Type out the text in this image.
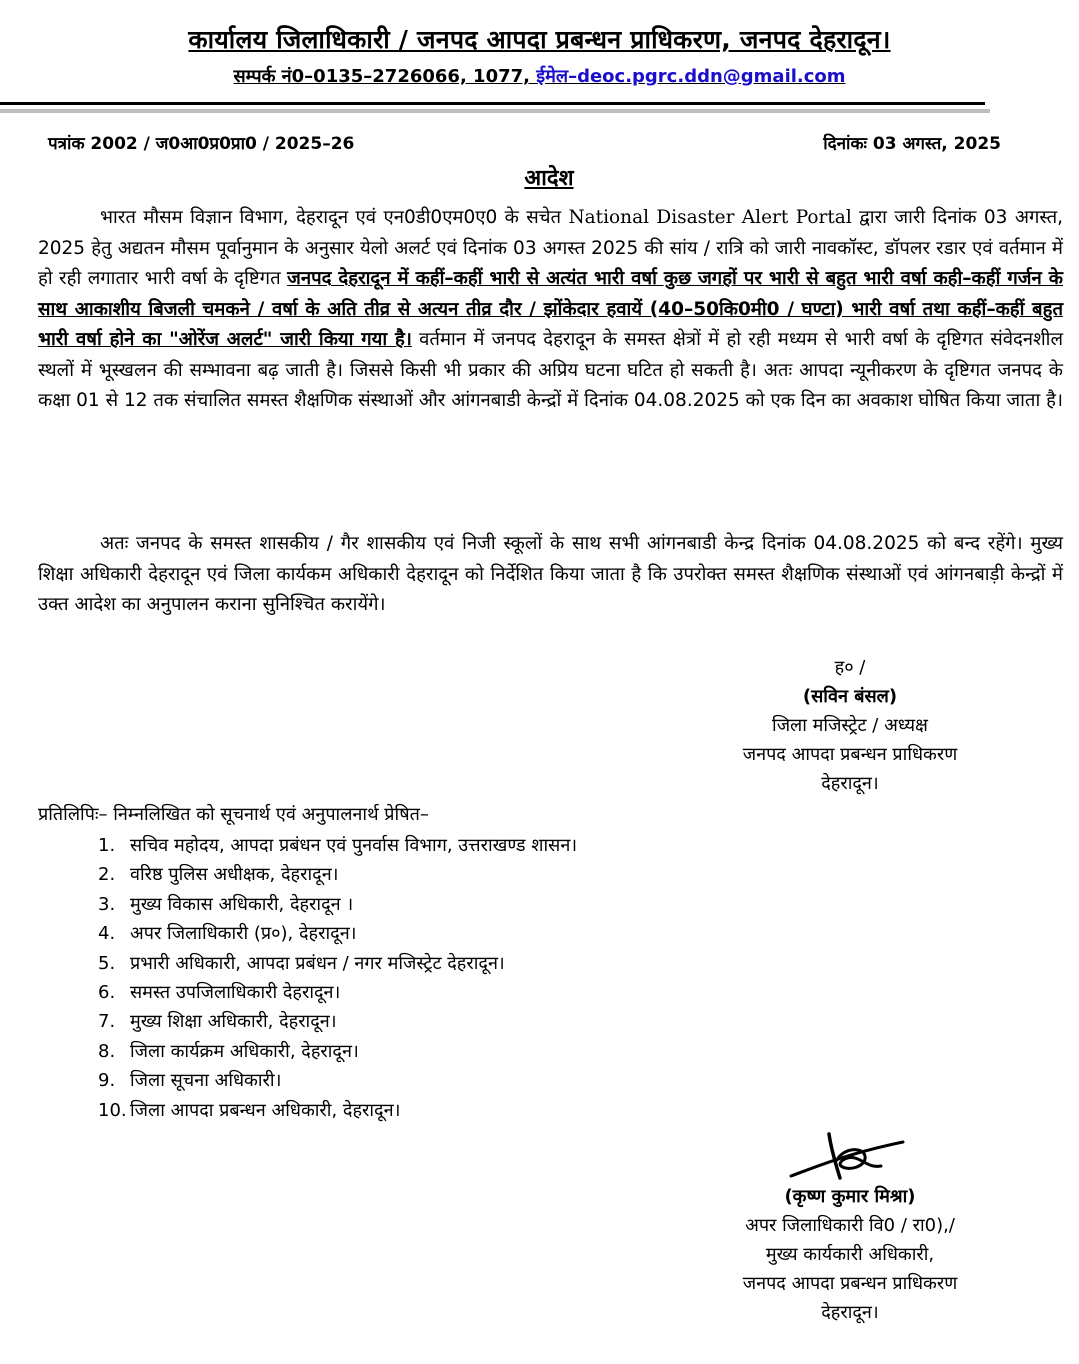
कार्यालय जिलाधिकारी / जनपद आपदा प्रबन्धन प्राधिकरण, जनपद देहरादून।
सम्पर्क नं0–0135–2726066, 1077, ईमेल–deoc.pgrc.ddn@gmail.com
पत्रांक 2002 / ज0आ0प्र0प्रा0 / 2025–26	दिनांकः 03 अगस्त, 2025
आदेश

भारत मौसम विज्ञान विभाग, देहरादून एवं एन0डी0एम0ए0 के सचेत National Disaster Alert Portal द्वारा जारी दिनांक 03 अगस्त, 2025 हेतु अद्यतन मौसम पूर्वानुमान के अनुसार येलो अलर्ट एवं दिनांक 03 अगस्त 2025 की सांय / रात्रि को जारी नावकॉस्ट, डॉपलर रडार एवं वर्तमान में हो रही लगातार भारी वर्षा के दृष्टिगत जनपद देहरादून में कहीं–कहीं भारी से अत्यंत भारी वर्षा कुछ जगहों पर भारी से बहुत भारी वर्षा कही–कहीं गर्जन के साथ आकाशीय बिजली चमकने / वर्षा के अति तीव्र से अत्यन तीव्र दौर / झोंकेदार हवायें (40–50कि0मी0 / घण्टा) भारी वर्षा तथा कहीं–कहीं बहुत भारी वर्षा होने का "ओरेंज अलर्ट" जारी किया गया है। वर्तमान में जनपद देहरादून के समस्त क्षेत्रों में हो रही मध्यम से भारी वर्षा के दृष्टिगत संवेदनशील स्थलों में भूस्खलन की सम्भावना बढ़ जाती है। जिससे किसी भी प्रकार की अप्रिय घटना घटित हो सकती है। अतः आपदा न्यूनीकरण के दृष्टिगत जनपद के कक्षा 01 से 12 तक संचालित समस्त शैक्षणिक संस्थाओं और आंगनबाडी केन्द्रों में दिनांक 04.08.2025 को एक दिन का अवकाश घोषित किया जाता है।

अतः जनपद के समस्त शासकीय / गैर शासकीय एवं निजी स्कूलों के साथ सभी आंगनबाडी केन्द्र दिनांक 04.08.2025 को बन्द रहेंगे। मुख्य शिक्षा अधिकारी देहरादून एवं जिला कार्यकम अधिकारी देहरादून को निर्देशित किया जाता है कि उपरोक्त समस्त शैक्षणिक संस्थाओं एवं आंगनबाड़ी केन्द्रों में उक्त आदेश का अनुपालन कराना सुनिश्चित करायेंगे।

ह० /
(सविन बंसल)
जिला मजिस्ट्रेट / अध्यक्ष
जनपद आपदा प्रबन्धन प्राधिकरण
देहरादून।
प्रतिलिपिः– निम्नलिखित को सूचनार्थ एवं अनुपालनार्थ प्रेषित–
1. सचिव महोदय, आपदा प्रबंधन एवं पुनर्वास विभाग, उत्तराखण्ड शासन।
2. वरिष्ठ पुलिस अधीक्षक, देहरादून।
3. मुख्य विकास अधिकारी, देहरादून ।
4. अपर जिलाधिकारी (प्र०), देहरादून।
5. प्रभारी अधिकारी, आपदा प्रबंधन / नगर मजिस्ट्रेट देहरादून।
6. समस्त उपजिलाधिकारी देहरादून।
7. मुख्य शिक्षा अधिकारी, देहरादून।
8. जिला कार्यक्रम अधिकारी, देहरादून।
9. जिला सूचना अधिकारी।
10. जिला आपदा प्रबन्धन अधिकारी, देहरादून।
(कृष्ण कुमार मिश्रा)
अपर जिलाधिकारी वि0 / रा0),/
मुख्य कार्यकारी अधिकारी,
जनपद आपदा प्रबन्धन प्राधिकरण
देहरादून।
